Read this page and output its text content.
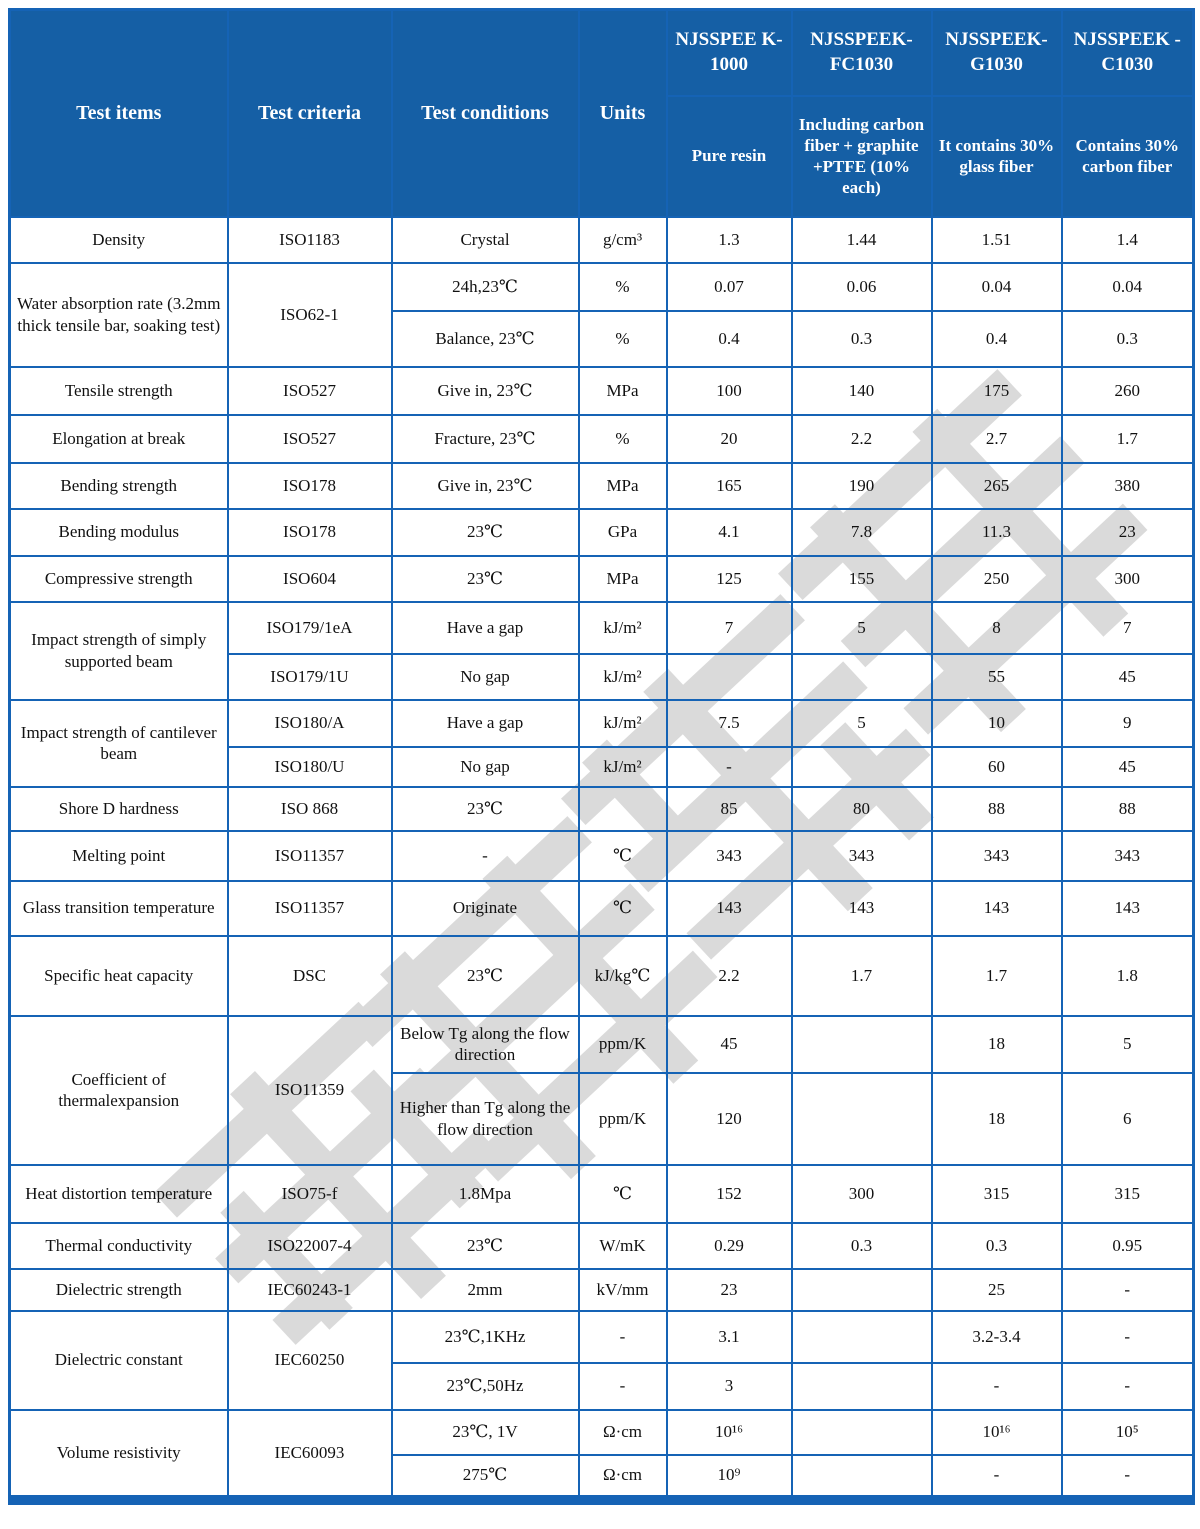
Test items	Test criteria	Test conditions	Units	NJSSPEE K-1000	NJSSPEEK-FC1030	NJSSPEEK-G1030	NJSSPEEK -C1030
				Pure resin	Including carbon fiber + graphite +PTFE (10% each)	It contains 30% glass fiber	Contains 30% carbon fiber
Density	ISO1183	Crystal	g/cm³	1.3	1.44	1.51	1.4
Water absorption rate (3.2mm thick tensile bar, soaking test)	ISO62-1	24h,23℃	%	0.07	0.06	0.04	0.04
		Balance, 23℃	%	0.4	0.3	0.4	0.3
Tensile strength	ISO527	Give in, 23℃	MPa	100	140	175	260
Elongation at break	ISO527	Fracture, 23℃	%	20	2.2	2.7	1.7
Bending strength	ISO178	Give in, 23℃	MPa	165	190	265	380
Bending modulus	ISO178	23℃	GPa	4.1	7.8	11.3	23
Compressive strength	ISO604	23℃	MPa	125	155	250	300
Impact strength of simply supported beam	ISO179/1eA	Have a gap	kJ/m²	7	5	8	7
	ISO179/1U	No gap	kJ/m²			55	45
Impact strength of cantilever beam	ISO180/A	Have a gap	kJ/m²	7.5	5	10	9
	ISO180/U	No gap	kJ/m²	-		60	45
Shore D hardness	ISO 868	23℃		85	80	88	88
Melting point	ISO11357	-	℃	343	343	343	343
Glass transition temperature	ISO11357	Originate	℃	143	143	143	143
Specific heat capacity	DSC	23℃	kJ/kg℃	2.2	1.7	1.7	1.8
Coefficient of thermalexpansion	ISO11359	Below Tg along the flow direction	ppm/K	45		18	5
		Higher than Tg along the flow direction	ppm/K	120		18	6
Heat distortion temperature	ISO75-f	1.8Mpa	℃	152	300	315	315
Thermal conductivity	ISO22007-4	23℃	W/mK	0.29	0.3	0.3	0.95
Dielectric strength	IEC60243-1	2mm	kV/mm	23		25	-
Dielectric constant	IEC60250	23℃,1KHz	-	3.1		3.2-3.4	-
		23℃,50Hz	-	3		-	-
Volume resistivity	IEC60093	23℃, 1V	Ω·cm	10¹⁶		10¹⁶	10⁵
		275℃	Ω·cm	10⁹		-	-
